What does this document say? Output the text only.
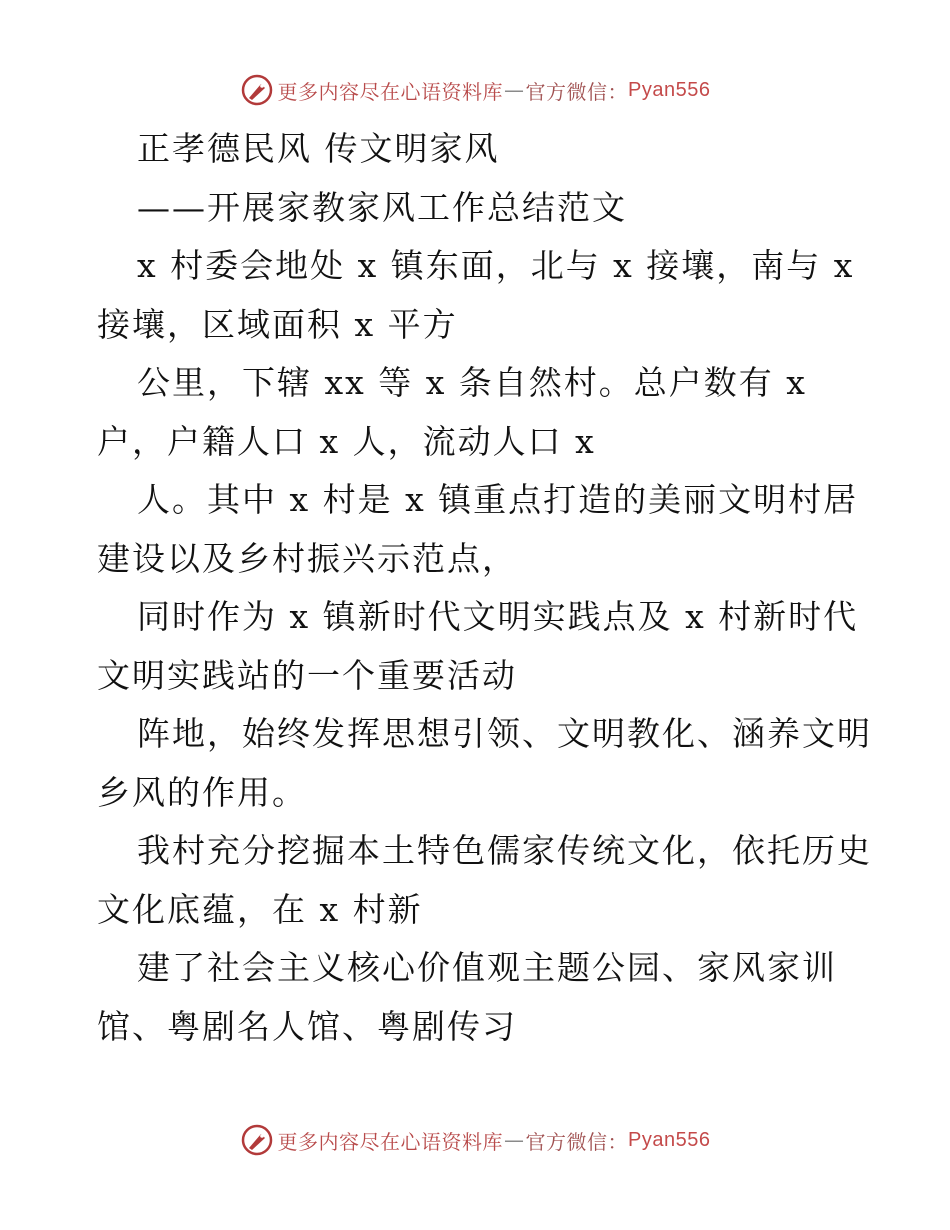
更多内容尽在心语资料库 — 官方微信： Pyan556
正孝德民风 传文明家风
——开展家教家风工作总结范文
x 村委会地处 x 镇东面，北与 x 接壤，南与 x
接壤，区域面积 x 平方
公里，下辖 xx 等 x 条自然村。总户数有 x
户，户籍人口 x 人，流动人口 x
人。其中 x 村是 x 镇重点打造的美丽文明村居
建设以及乡村振兴示范点，
同时作为 x 镇新时代文明实践点及 x 村新时代
文明实践站的一个重要活动
阵地，始终发挥思想引领、文明教化、涵养文明
乡风的作用。
我村充分挖掘本土特色儒家传统文化，依托历史
文化底蕴，在 x 村新
建了社会主义核心价值观主题公园、家风家训
馆、粤剧名人馆、粤剧传习
更多内容尽在心语资料库 — 官方微信： Pyan556
